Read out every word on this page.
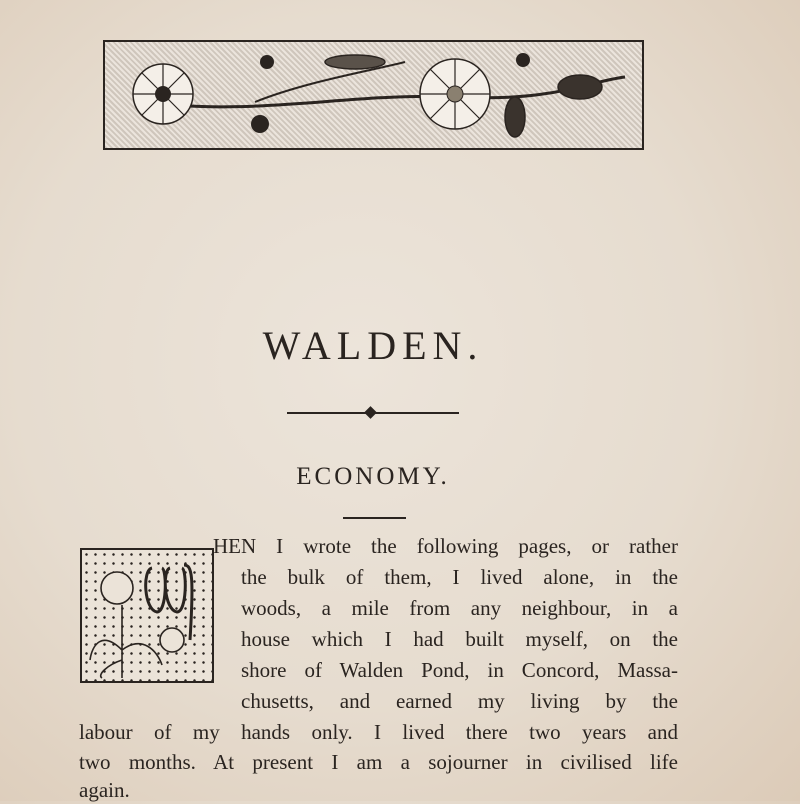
WALDEN.
ECONOMY.
HEN I wrote the following pages, or rather
the bulk of them, I lived alone, in the
woods, a mile from any neighbour, in a
house which I had built myself, on the
shore of Walden Pond, in Concord, Massa-
chusetts, and earned my living by the
labour of my hands only. I lived there two years and
two months. At present I am a sojourner in civilised life
again.
